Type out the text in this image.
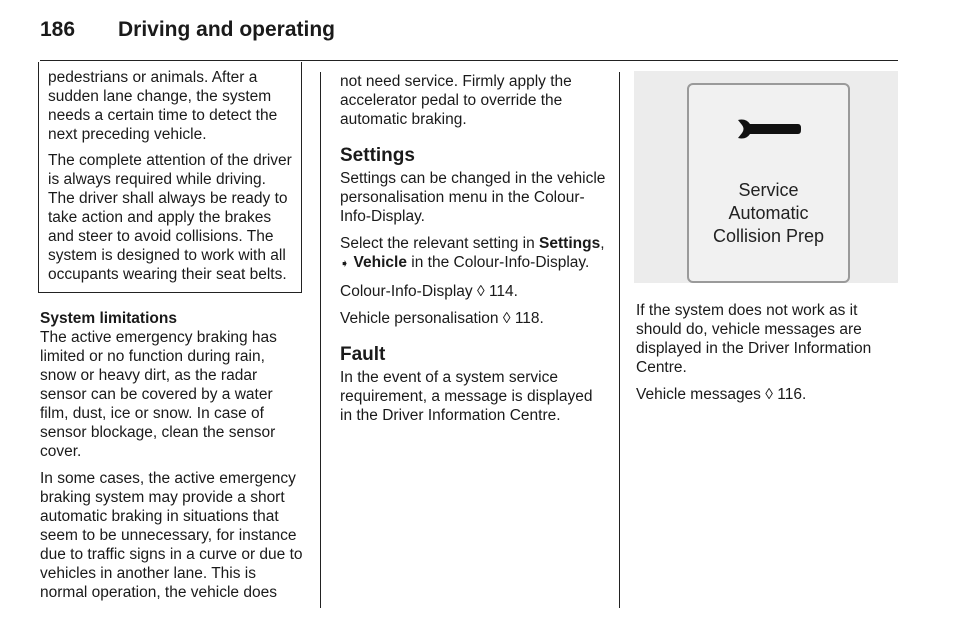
186 Driving and operating

pedestrians or animals. After a sudden lane change, the system needs a certain time to detect the next preceding vehicle.

The complete attention of the driver is always required while driving. The driver shall always be ready to take action and apply the brakes and steer to avoid collisions. The system is designed to work with all occupants wearing their seat belts.

System limitations

The active emergency braking has limited or no function during rain, snow or heavy dirt, as the radar sensor can be covered by a water film, dust, ice or snow. In case of sensor blockage, clean the sensor cover.

In some cases, the active emergency braking system may provide a short automatic braking in situations that seem to be unnecessary, for instance due to traffic signs in a curve or due to vehicles in another lane. This is normal operation, the vehicle does

not need service. Firmly apply the accelerator pedal to override the automatic braking.

Settings

Settings can be changed in the vehicle personalisation menu in the Colour-Info-Display.

Select the relevant setting in Settings,
➧ Vehicle in the Colour-Info-Display.

Colour-Info-Display ◊ 114.

Vehicle personalisation ◊ 118.

Fault

In the event of a system service requirement, a message is displayed in the Driver Information Centre.

Service
Automatic
Collision Prep

If the system does not work as it should do, vehicle messages are displayed in the Driver Information Centre.

Vehicle messages ◊ 116.
